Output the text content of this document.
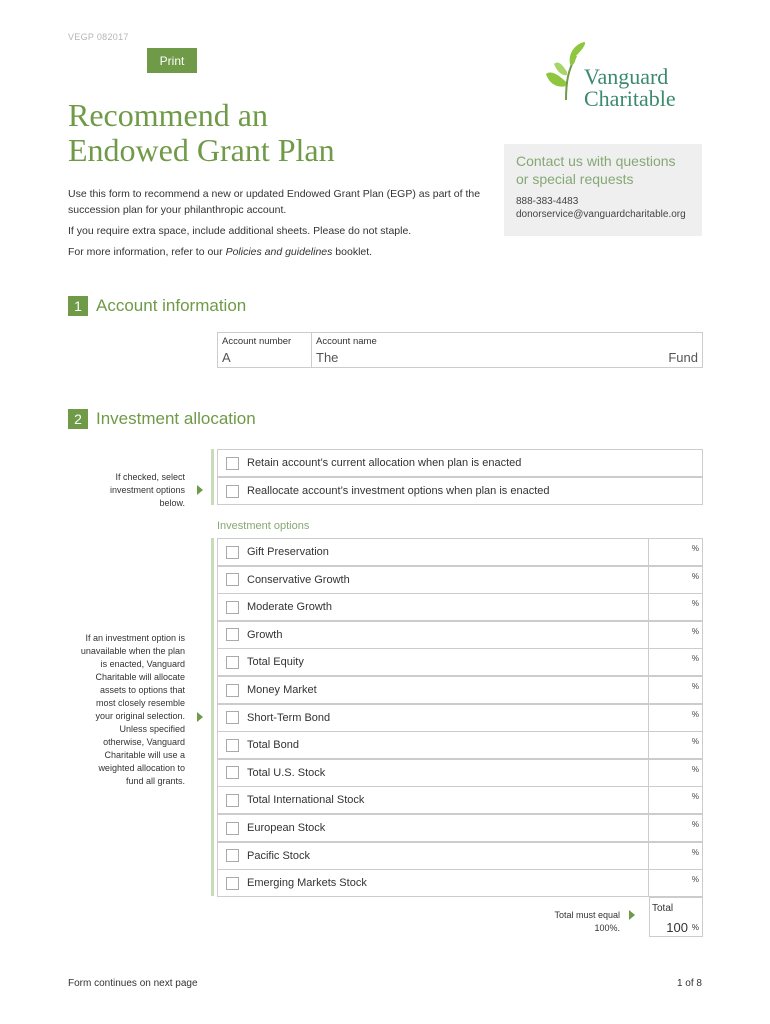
VEGP 082017
Print
Vanguard
Charitable
Recommend an
Endowed Grant Plan	Contact us with questions
or special requests
888-383-4483
donorservice@vanguardcharitable.org
Use this form to recommend a new or updated Endowed Grant Plan (EGP) as part of the succession plan for your philanthropic account.
If you require extra space, include additional sheets. Please do not staple.
For more information, refer to our Policies and guidelines booklet.
1 Account information
Account number
A
Account name
The	Fund
2 Investment allocation
Retain account’s current allocation when plan is enacted
Reallocate account’s investment options when plan is enacted
If checked, select investment options below.
Investment options
If an investment option is unavailable when the plan is enacted, Vanguard Charitable will allocate assets to options that most closely resemble your original selection. Unless specified otherwise, Vanguard Charitable will use a weighted allocation to fund all grants.
Gift Preservation	%
Conservative Growth	%
Moderate Growth	%
Growth	%
Total Equity	%
Money Market	%
Short-Term Bond	%
Total Bond	%
Total U.S. Stock	%
Total International Stock	%
European Stock	%
Pacific Stock	%
Emerging Markets Stock	%
Total must equal 100%.
Total
100 %
Form continues on next page	1 of 8
